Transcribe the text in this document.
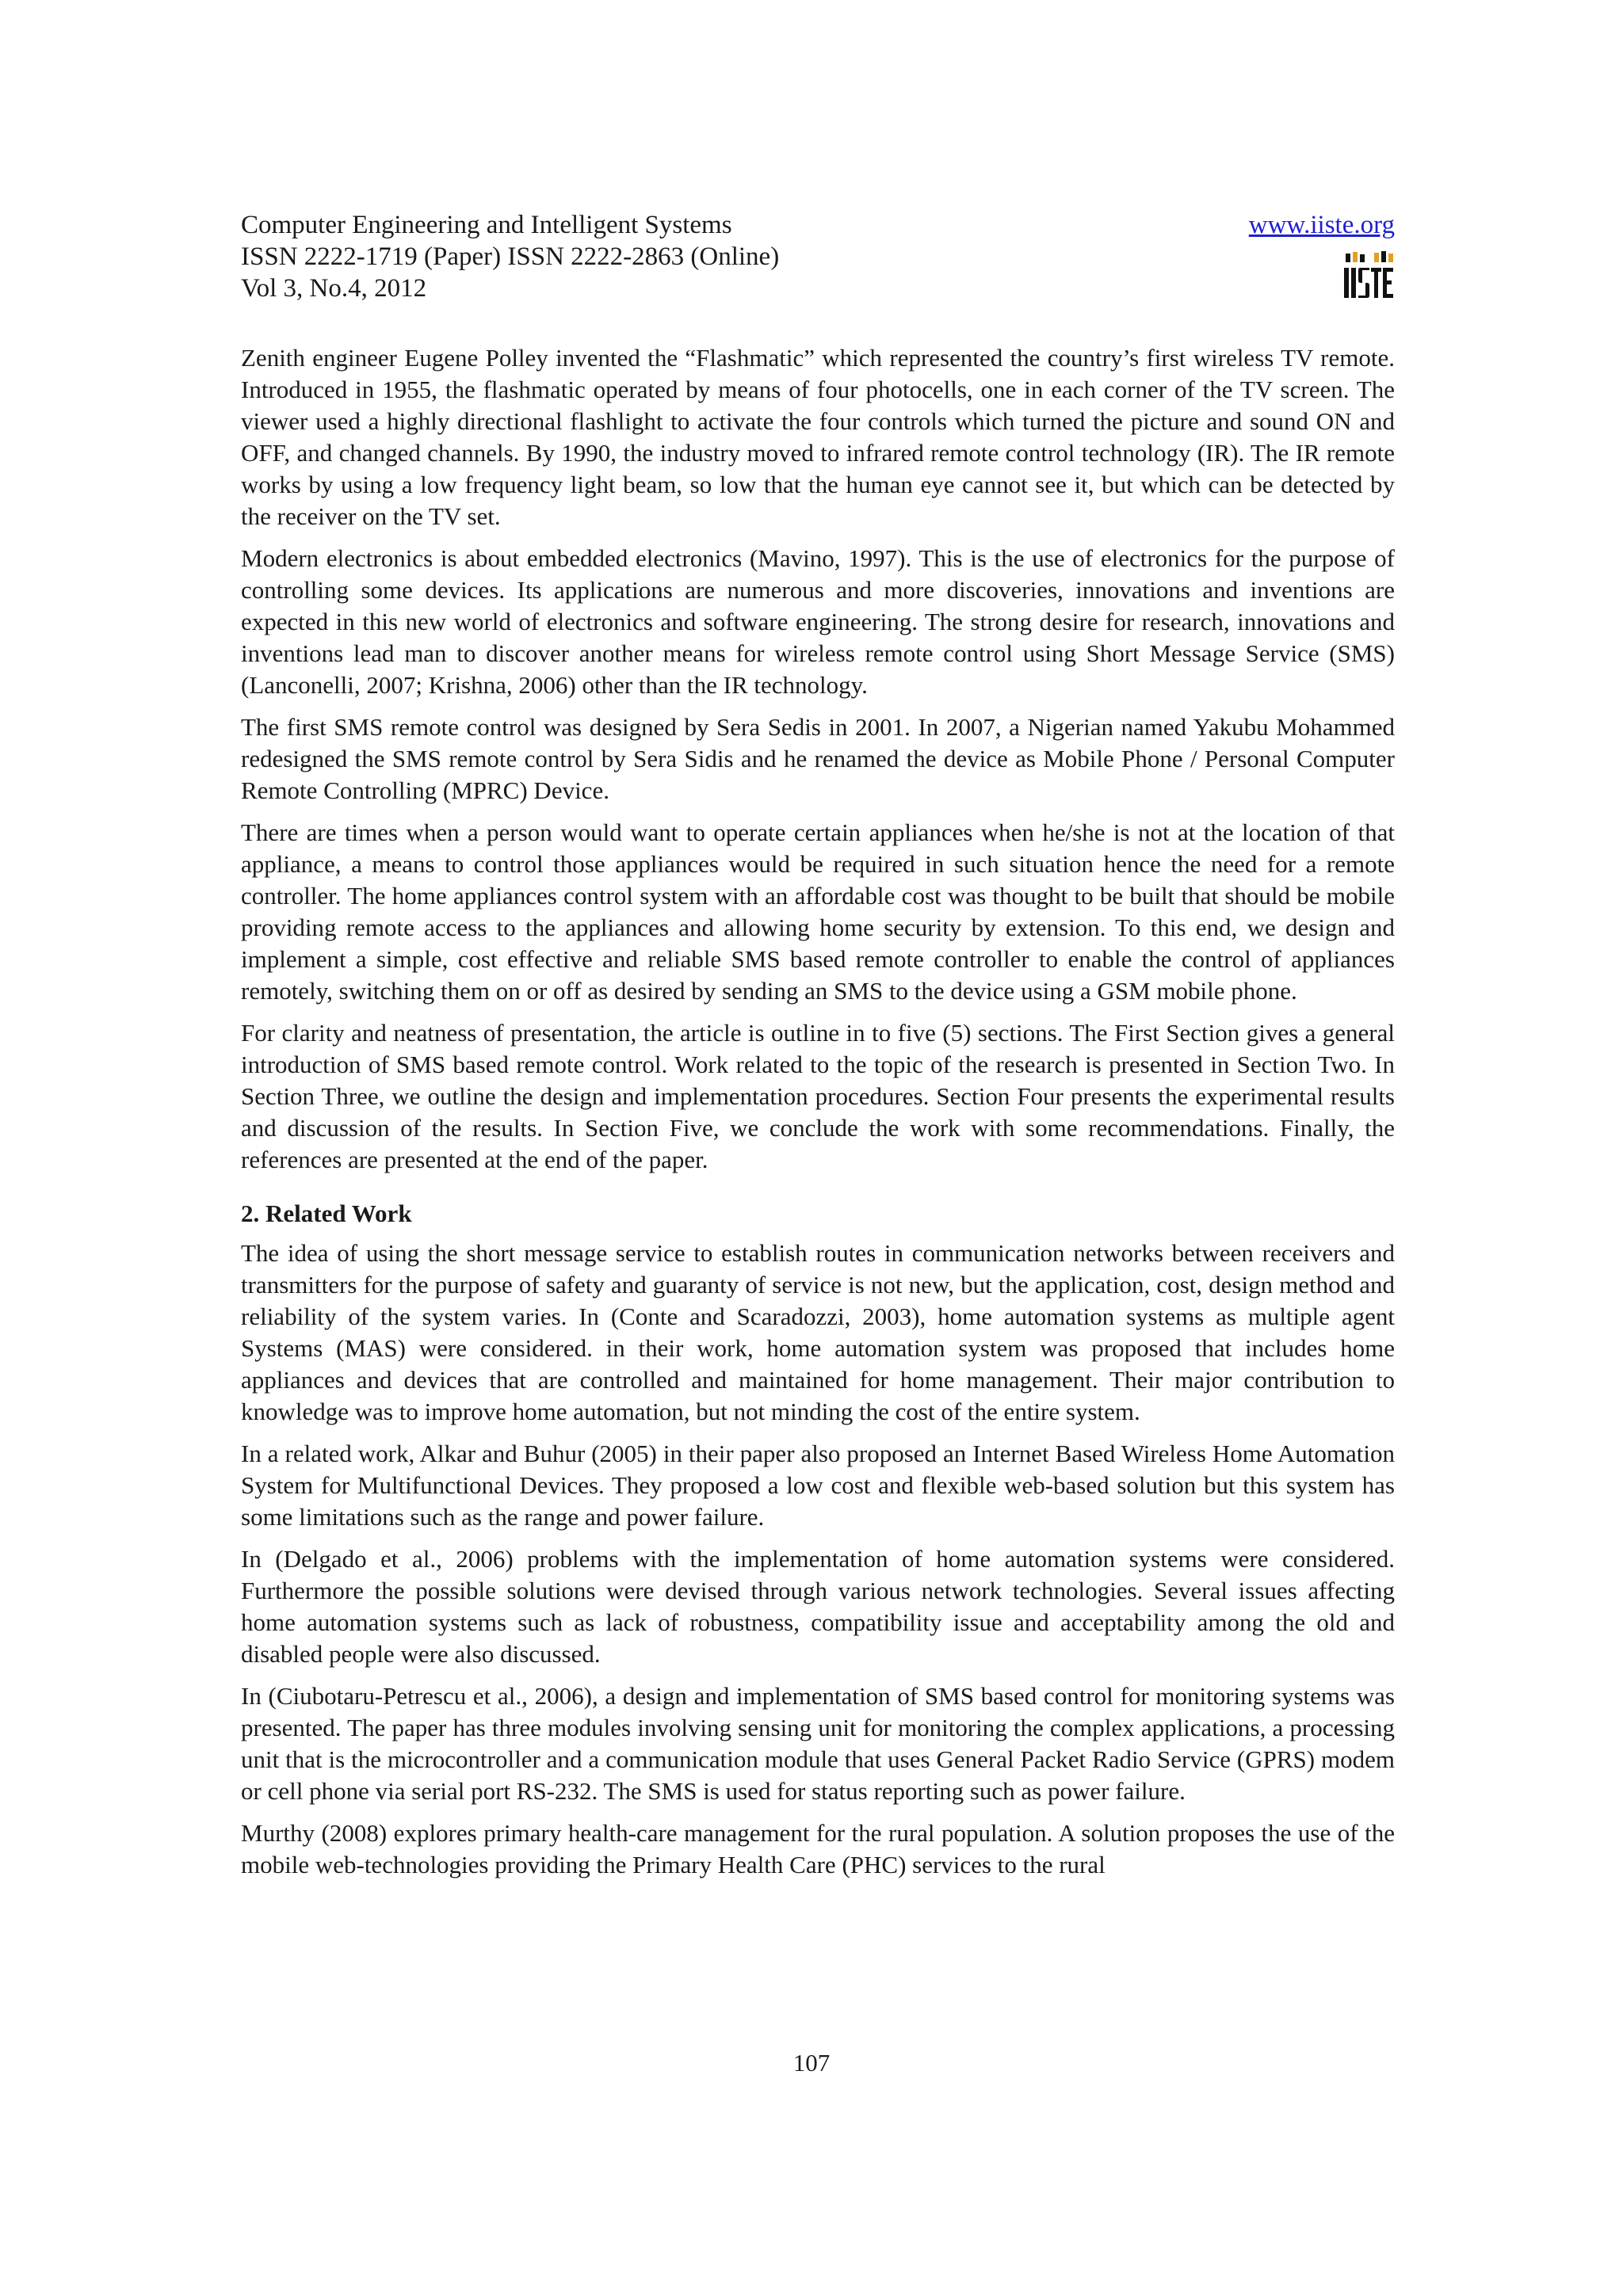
Computer Engineering and Intelligent Systems
ISSN 2222-1719 (Paper) ISSN 2222-2863 (Online)
Vol 3, No.4, 2012
www.iiste.org

Zenith engineer Eugene Polley invented the “Flashmatic” which represented the country’s first wireless TV remote. Introduced in 1955, the flashmatic operated by means of four photocells, one in each corner of the TV screen. The viewer used a highly directional flashlight to activate the four controls which turned the picture and sound ON and OFF, and changed channels. By 1990, the industry moved to infrared remote control technology (IR). The IR remote works by using a low frequency light beam, so low that the human eye cannot see it, but which can be detected by the receiver on the TV set.

Modern electronics is about embedded electronics (Mavino, 1997). This is the use of electronics for the purpose of controlling some devices. Its applications are numerous and more discoveries, innovations and inventions are expected in this new world of electronics and software engineering. The strong desire for research, innovations and inventions lead man to discover another means for wireless remote control using Short Message Service (SMS) (Lanconelli, 2007; Krishna, 2006) other than the IR technology.

The first SMS remote control was designed by Sera Sedis in 2001. In 2007, a Nigerian named Yakubu Mohammed redesigned the SMS remote control by Sera Sidis and he renamed the device as Mobile Phone / Personal Computer Remote Controlling (MPRC) Device.

There are times when a person would want to operate certain appliances when he/she is not at the location of that appliance, a means to control those appliances would be required in such situation hence the need for a remote controller. The home appliances control system with an affordable cost was thought to be built that should be mobile providing remote access to the appliances and allowing home security by extension. To this end, we design and implement a simple, cost effective and reliable SMS based remote controller to enable the control of appliances remotely, switching them on or off as desired by sending an SMS to the device using a GSM mobile phone.

For clarity and neatness of presentation, the article is outline in to five (5) sections. The First Section gives a general introduction of SMS based remote control. Work related to the topic of the research is presented in Section Two. In Section Three, we outline the design and implementation procedures. Section Four presents the experimental results and discussion of the results. In Section Five, we conclude the work with some recommendations. Finally, the references are presented at the end of the paper.

2. Related Work

The idea of using the short message service to establish routes in communication networks between receivers and transmitters for the purpose of safety and guaranty of service is not new, but the application, cost, design method and reliability of the system varies. In (Conte and Scaradozzi, 2003), home automation systems as multiple agent Systems (MAS) were considered. in their work, home automation system was proposed that includes home appliances and devices that are controlled and maintained for home management. Their major contribution to knowledge was to improve home automation, but not minding the cost of the entire system.

In a related work, Alkar and Buhur (2005) in their paper also proposed an Internet Based Wireless Home Automation System for Multifunctional Devices. They proposed a low cost and flexible web-based solution but this system has some limitations such as the range and power failure.

In (Delgado et al., 2006) problems with the implementation of home automation systems were considered. Furthermore the possible solutions were devised through various network technologies. Several issues affecting home automation systems such as lack of robustness, compatibility issue and acceptability among the old and disabled people were also discussed.

In (Ciubotaru-Petrescu et al., 2006), a design and implementation of SMS based control for monitoring systems was presented. The paper has three modules involving sensing unit for monitoring the complex applications, a processing unit that is the microcontroller and a communication module that uses General Packet Radio Service (GPRS) modem or cell phone via serial port RS-232. The SMS is used for status reporting such as power failure.

Murthy (2008) explores primary health-care management for the rural population. A solution proposes the use of the mobile web-technologies providing the Primary Health Care (PHC) services to the rural

107
